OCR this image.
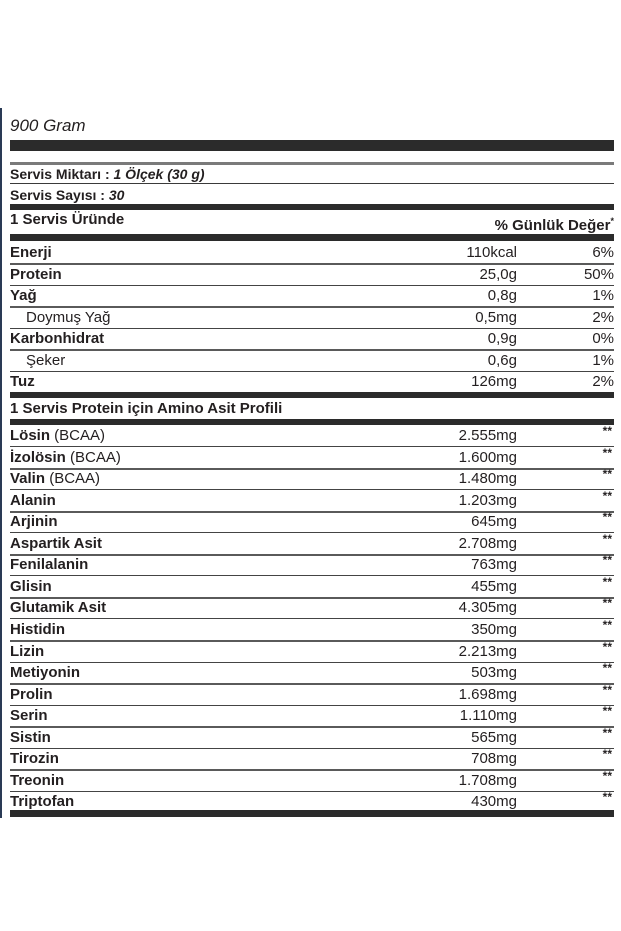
900 Gram
Servis Miktarı : 1 Ölçek (30 g)
Servis Sayısı : 30
1 Servis Üründe	% Günlük Değer*
Enerji	110kcal	6%
Protein	25,0g	50%
Yağ	0,8g	1%
Doymuş Yağ	0,5mg	2%
Karbonhidrat	0,9g	0%
Şeker	0,6g	1%
Tuz	126mg	2%
1 Servis Protein için Amino Asit Profili
Lösin (BCAA)	2.555mg	**
İzolösin (BCAA)	1.600mg	**
Valin (BCAA)	1.480mg	**
Alanin	1.203mg	**
Arjinin	645mg	**
Aspartik Asit	2.708mg	**
Fenilalanin	763mg	**
Glisin	455mg	**
Glutamik Asit	4.305mg	**
Histidin	350mg	**
Lizin	2.213mg	**
Metiyonin	503mg	**
Prolin	1.698mg	**
Serin	1.110mg	**
Sistin	565mg	**
Tirozin	708mg	**
Treonin	1.708mg	**
Triptofan	430mg	**
